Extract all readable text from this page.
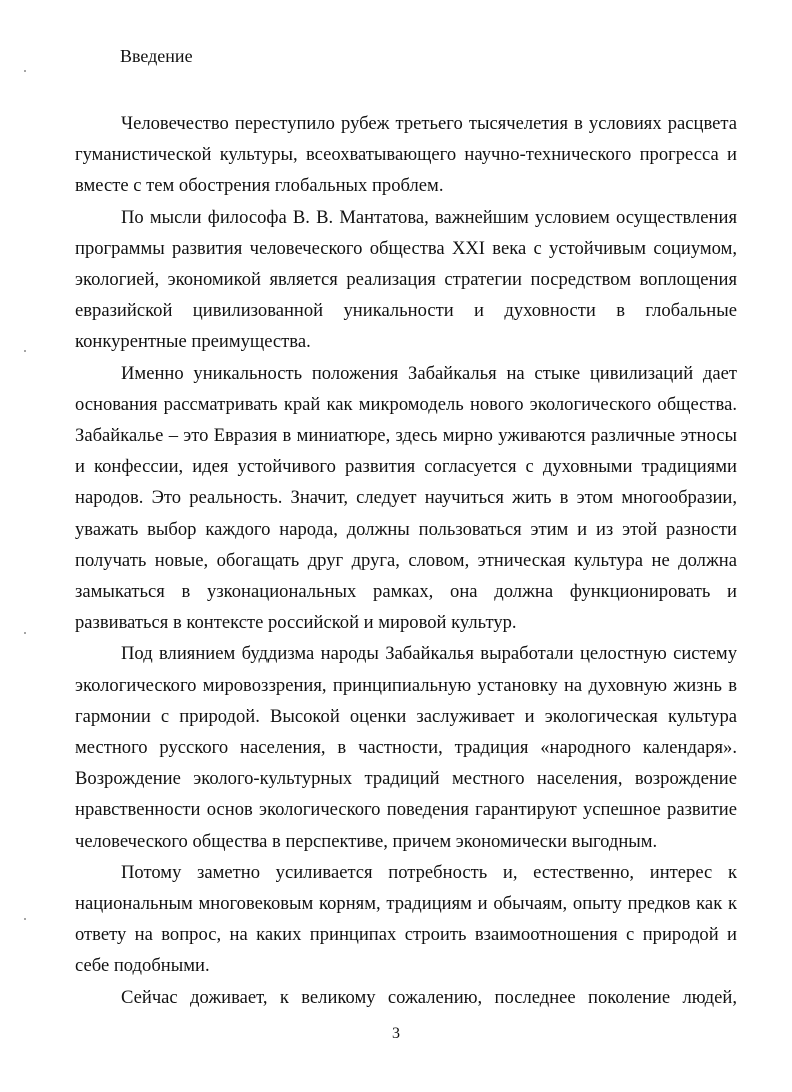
Введение

Человечество переступило рубеж третьего тысячелетия в условиях расцвета гуманистической культуры, всеохватывающего научно-технического прогресса и вместе с тем обострения глобальных проблем.

По мысли философа В. В. Мантатова, важнейшим условием осуществления программы развития человеческого общества XXI века с устойчивым социумом, экологией, экономикой является реализация стратегии посредством воплощения евразийской цивилизованной уникальности и духовности в глобальные конкурентные преимущества.

Именно уникальность положения Забайкалья на стыке цивилизаций дает основания рассматривать край как микромодель нового экологического общества. Забайкалье – это Евразия в миниатюре, здесь мирно уживаются различные этносы и конфессии, идея устойчивого развития согласуется с духовными традициями народов. Это реальность. Значит, следует научиться жить в этом многообразии, уважать выбор каждого народа, должны пользоваться этим и из этой разности получать новые, обогащать друг друга, словом, этническая культура не должна замыкаться в узконациональных рамках, она должна функционировать и развиваться в контексте российской и мировой культур.

Под влиянием буддизма народы Забайкалья выработали целостную систему экологического мировоззрения, принципиальную установку на духовную жизнь в гармонии с природой. Высокой оценки заслуживает и экологическая культура местного русского населения, в частности, традиция «народного календаря». Возрождение эколого-культурных традиций местного населения, возрождение нравственности основ экологического поведения гарантируют успешное развитие человеческого общества в перспективе, причем экономически выгодным.

Потому заметно усиливается потребность и, естественно, интерес к национальным многовековым корням, традициям и обычаям, опыту предков как к ответу на вопрос, на каких принципах строить взаимоотношения с природой и себе подобными.

Сейчас доживает, к великому сожалению, последнее поколение людей,

3
